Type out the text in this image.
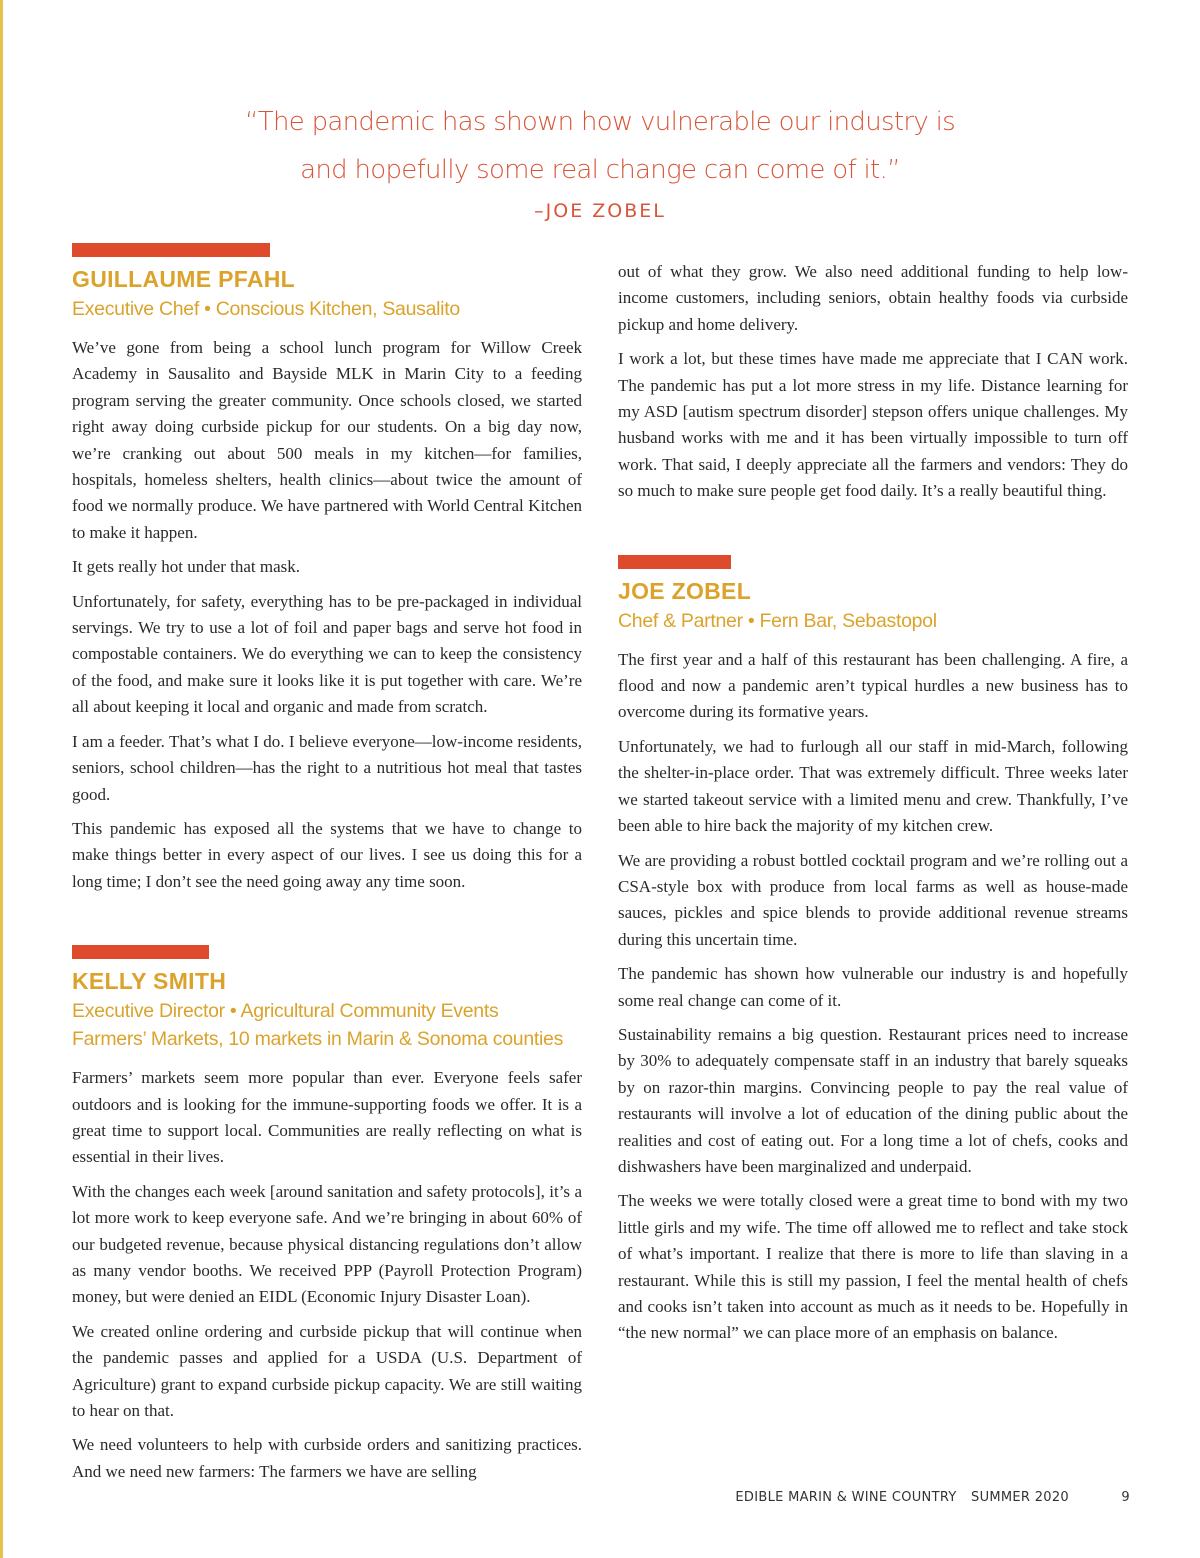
“The pandemic has shown how vulnerable our industry is
and hopefully some real change can come of it.”
–JOE ZOBEL
GUILLAUME PFAHL
Executive Chef • Conscious Kitchen, Sausalito

We’ve gone from being a school lunch program for Willow Creek Academy in Sausalito and Bayside MLK in Marin City to a feeding program serving the greater community. Once schools closed, we started right away doing curbside pickup for our students. On a big day now, we’re cranking out about 500 meals in my kitchen—for families, hospitals, homeless shelters, health clinics—about twice the amount of food we normally produce. We have partnered with World Central Kitchen to make it happen.

It gets really hot under that mask.

Unfortunately, for safety, everything has to be pre-packaged in individual servings. We try to use a lot of foil and paper bags and serve hot food in compostable containers. We do everything we can to keep the consistency of the food, and make sure it looks like it is put together with care. We’re all about keeping it local and organic and made from scratch.

I am a feeder. That’s what I do. I believe everyone—low-income residents, seniors, school children—has the right to a nutritious hot meal that tastes good.

This pandemic has exposed all the systems that we have to change to make things better in every aspect of our lives. I see us doing this for a long time; I don’t see the need going away any time soon.

KELLY SMITH
Executive Director • Agricultural Community Events
Farmers’ Markets, 10 markets in Marin & Sonoma counties

Farmers’ markets seem more popular than ever. Everyone feels safer outdoors and is looking for the immune-supporting foods we offer. It is a great time to support local. Communities are really reflecting on what is essential in their lives.

With the changes each week [around sanitation and safety protocols], it’s a lot more work to keep everyone safe. And we’re bringing in about 60% of our budgeted revenue, because physical distancing regulations don’t allow as many vendor booths. We received PPP (Payroll Protection Program) money, but were denied an EIDL (Economic Injury Disaster Loan).

We created online ordering and curbside pickup that will continue when the pandemic passes and applied for a USDA (U.S. Department of Agriculture) grant to expand curbside pickup capacity. We are still waiting to hear on that.

We need volunteers to help with curbside orders and sanitizing practices. And we need new farmers: The farmers we have are selling

out of what they grow. We also need additional funding to help low-income customers, including seniors, obtain healthy foods via curbside pickup and home delivery.

I work a lot, but these times have made me appreciate that I CAN work. The pandemic has put a lot more stress in my life. Distance learning for my ASD [autism spectrum disorder] stepson offers unique challenges. My husband works with me and it has been virtually impossible to turn off work. That said, I deeply appreciate all the farmers and vendors: They do so much to make sure people get food daily. It’s a really beautiful thing.

JOE ZOBEL
Chef & Partner • Fern Bar, Sebastopol

The first year and a half of this restaurant has been challenging. A fire, a flood and now a pandemic aren’t typical hurdles a new business has to overcome during its formative years.

Unfortunately, we had to furlough all our staff in mid-March, following the shelter-in-place order. That was extremely difficult. Three weeks later we started takeout service with a limited menu and crew. Thankfully, I’ve been able to hire back the majority of my kitchen crew.

We are providing a robust bottled cocktail program and we’re rolling out a CSA-style box with produce from local farms as well as house-made sauces, pickles and spice blends to provide additional revenue streams during this uncertain time.

The pandemic has shown how vulnerable our industry is and hopefully some real change can come of it.

Sustainability remains a big question. Restaurant prices need to increase by 30% to adequately compensate staff in an industry that barely squeaks by on razor-thin margins. Convincing people to pay the real value of restaurants will involve a lot of education of the dining public about the realities and cost of eating out. For a long time a lot of chefs, cooks and dishwashers have been marginalized and underpaid.

The weeks we were totally closed were a great time to bond with my two little girls and my wife. The time off allowed me to reflect and take stock of what’s important. I realize that there is more to life than slaving in a restaurant. While this is still my passion, I feel the mental health of chefs and cooks isn’t taken into account as much as it needs to be. Hopefully in “the new normal” we can place more of an emphasis on balance.

EDIBLE MARIN & WINE COUNTRY SUMMER 2020	9
